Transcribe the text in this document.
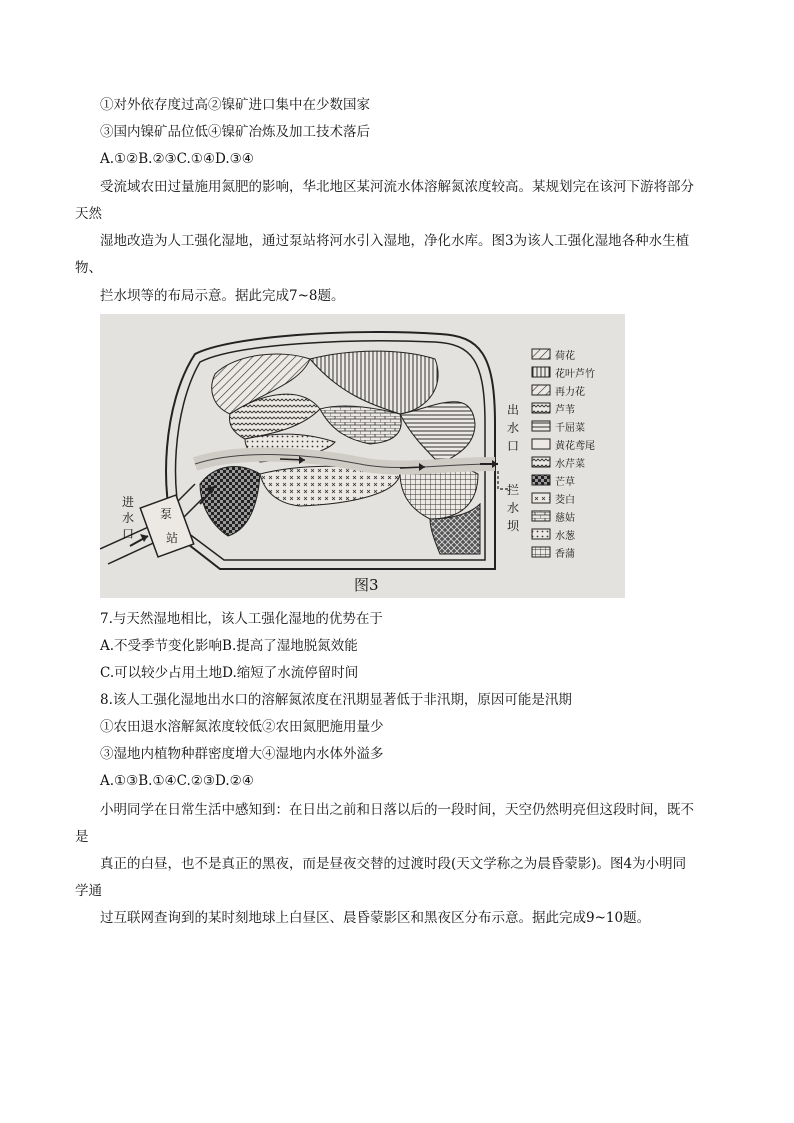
①对外依存度过高②镍矿进口集中在少数国家
③国内镍矿品位低④镍矿冶炼及加工技术落后
A.①②B.②③C.①④D.③④
受流域农田过量施用氮肥的影响，华北地区某河流水体溶解氮浓度较高。某规划完在该河下游将部分
天然
湿地改造为人工强化湿地，通过泵站将河水引入湿地，净化水库。图3为该人工强化湿地各种水生植
物、
拦水坝等的布局示意。据此完成7~8题。
泵
站
进
水
口
出
水
口
拦
水
坝
荷花
花叶芦竹
再力花
芦苇
千屈菜
黄花鸢尾
水芹菜
芒草
茭白
慈姑
水葱
香蒲
图3
7.与天然湿地相比，该人工强化湿地的优势在于
A.不受季节变化影响B.提高了湿地脱氮效能
C.可以较少占用土地D.缩短了水流停留时间
8.该人工强化湿地出水口的溶解氮浓度在汛期显著低于非汛期，原因可能是汛期
①农田退水溶解氮浓度较低②农田氮肥施用量少
③湿地内植物种群密度增大④湿地内水体外溢多
A.①③B.①④C.②③D.②④
小明同学在日常生活中感知到：在日出之前和日落以后的一段时间，天空仍然明亮但这段时间，既不
是
真正的白昼，也不是真正的黑夜，而是昼夜交替的过渡时段(天文学称之为晨昏蒙影)。图4为小明同
学通
过互联网查询到的某时刻地球上白昼区、晨昏蒙影区和黑夜区分布示意。据此完成9~10题。
